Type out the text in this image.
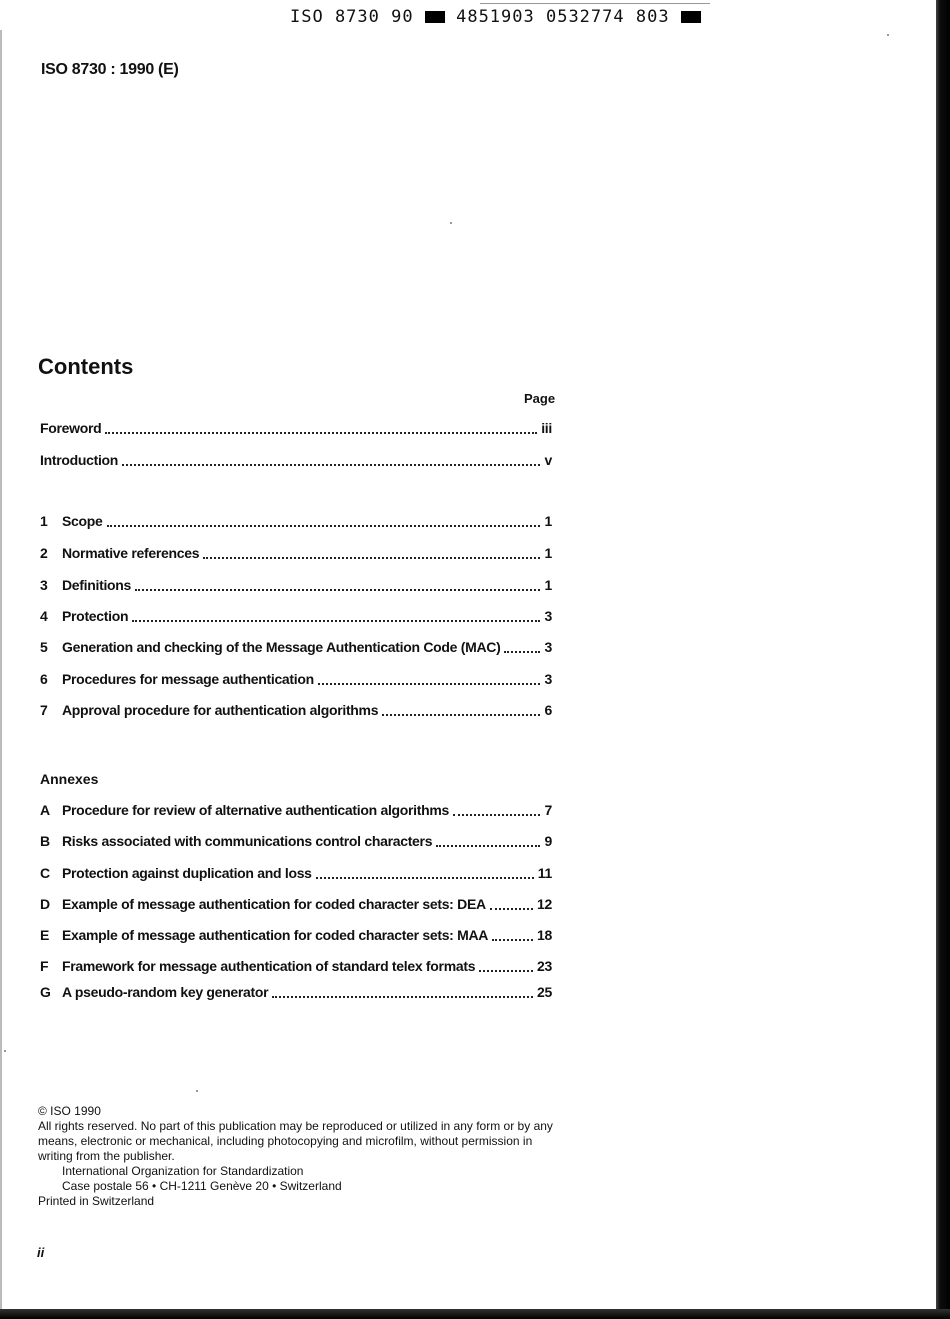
ISO 8730 90	4851903 0532774 803
ISO 8730 : 1990 (E)
Contents
Page
Foreword	iii
Introduction	v
1	Scope	1
2	Normative references	1
3	Definitions	1
4	Protection	3
5	Generation and checking of the Message Authentication Code (MAC)	3
6	Procedures for message authentication	3
7	Approval procedure for authentication algorithms	6
Annexes
A Procedure for review of alternative authentication algorithms	7
B Risks associated with communications control characters	9
C Protection against duplication and loss	11
D Example of message authentication for coded character sets: DEA	12
E Example of message authentication for coded character sets: MAA	18
F Framework for message authentication of standard telex formats	23
G A pseudo-random key generator	25
© ISO 1990
All rights reserved. No part of this publication may be reproduced or utilized in any form or by any means, electronic or mechanical, including photocopying and microfilm, without permission in writing from the publisher.
International Organization for Standardization
Case postale 56 • CH-1211 Genève 20 • Switzerland
Printed in Switzerland
ii
